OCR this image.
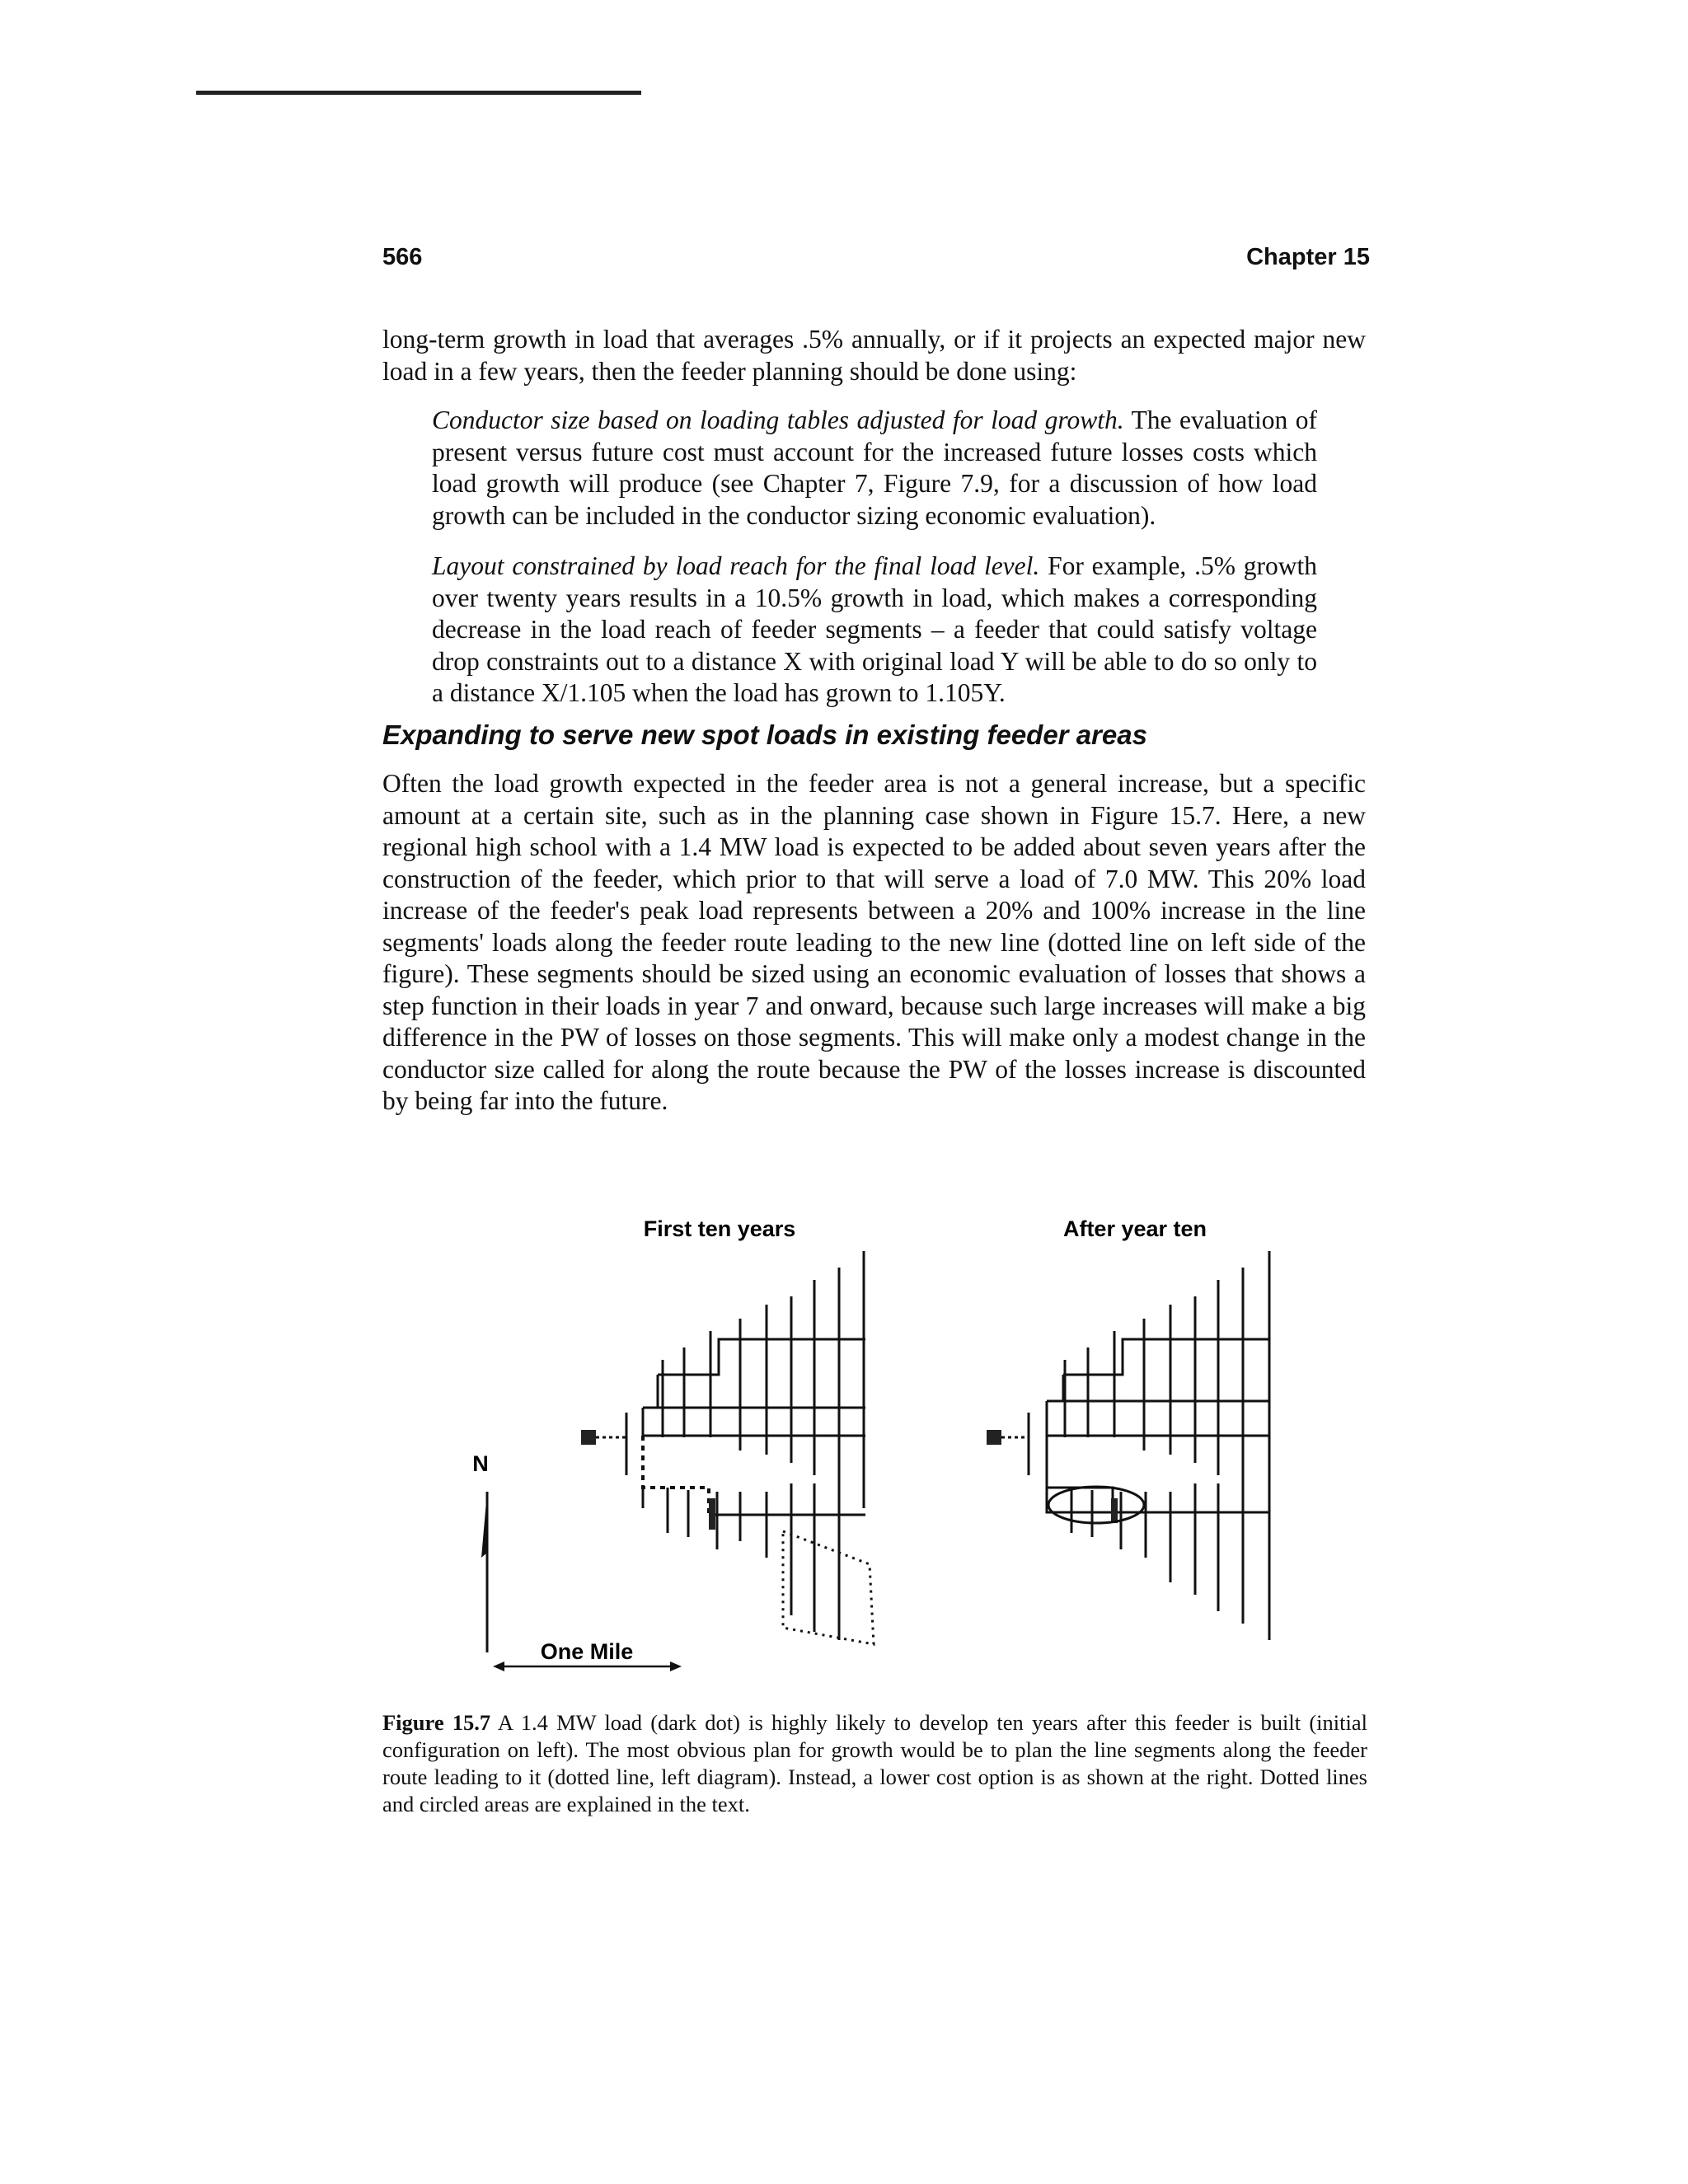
566	Chapter 15

long-term growth in load that averages .5% annually, or if it projects an expected major new load in a few years, then the feeder planning should be done using:

Conductor size based on loading tables adjusted for load growth. The evaluation of present versus future cost must account for the increased future losses costs which load growth will produce (see Chapter 7, Figure 7.9, for a discussion of how load growth can be included in the conductor sizing economic evaluation).

Layout constrained by load reach for the final load level. For example, .5% growth over twenty years results in a 10.5% growth in load, which makes a corresponding decrease in the load reach of feeder segments – a feeder that could satisfy voltage drop constraints out to a distance X with original load Y will be able to do so only to a distance X/1.105 when the load has grown to 1.105Y.

Expanding to serve new spot loads in existing feeder areas

Often the load growth expected in the feeder area is not a general increase, but a specific amount at a certain site, such as in the planning case shown in Figure 15.7. Here, a new regional high school with a 1.4 MW load is expected to be added about seven years after the construction of the feeder, which prior to that will serve a load of 7.0 MW. This 20% load increase of the feeder's peak load represents between a 20% and 100% increase in the line segments' loads along the feeder route leading to the new line (dotted line on left side of the figure). These segments should be sized using an economic evaluation of losses that shows a step function in their loads in year 7 and onward, because such large increases will make a big difference in the PW of losses on those segments. This will make only a modest change in the conductor size called for along the route because the PW of the losses increase is discounted by being far into the future.

First ten years	After year ten
N
One Mile
Figure 15.7 A 1.4 MW load (dark dot) is highly likely to develop ten years after this feeder is built (initial configuration on left). The most obvious plan for growth would be to plan the line segments along the feeder route leading to it (dotted line, left diagram). Instead, a lower cost option is as shown at the right. Dotted lines and circled areas are explained in the text.
